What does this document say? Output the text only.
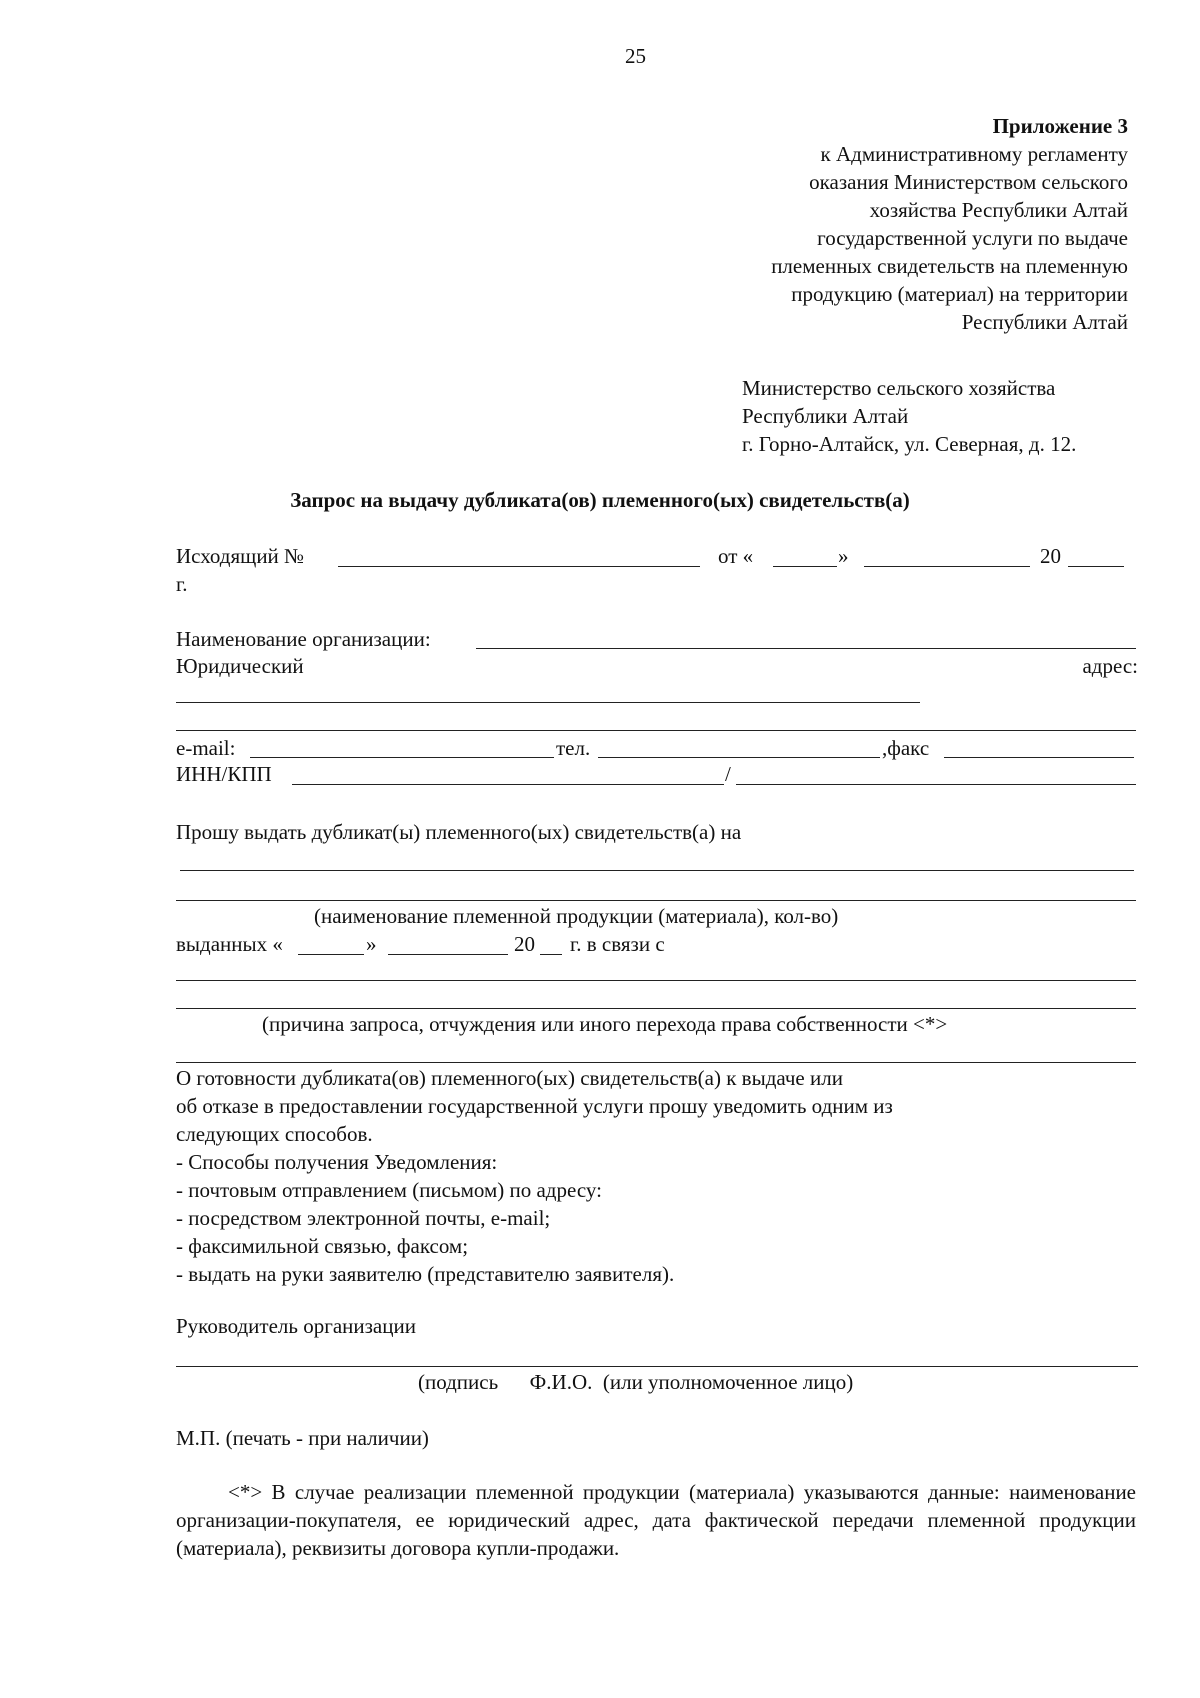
25
Приложение 3
к Административному регламенту
оказания Министерством сельского
хозяйства Республики Алтай
государственной услуги по выдаче
племенных свидетельств на племенную
продукцию (материал) на территории
Республики Алтай
Министерство сельского хозяйства
Республики Алтай
г. Горно-Алтайск, ул. Северная, д. 12.
Запрос на выдачу дубликата(ов) племенного(ых) свидетельств(а)
Исходящий №	от «	»	20
г.
Наименование организации:
Юридический	адрес:
e-mail:	тел.	,факс
ИНН/КПП	/
Прошу выдать дубликат(ы) племенного(ых) свидетельств(а) на
(наименование племенной продукции (материала), кол-во)
выданных «	»	20 г. в связи с
(причина запроса, отчуждения или иного перехода права собственности <*>
О готовности дубликата(ов) племенного(ых) свидетельств(а) к выдаче или
об отказе в предоставлении государственной услуги прошу уведомить одним из
следующих способов.
- Способы получения Уведомления:
- почтовым отправлением (письмом) по адресу:
- посредством электронной почты, e-mail;
- факсимильной связью, факсом;
- выдать на руки заявителю (представителю заявителя).
Руководитель организации
(подпись      Ф.И.О.  (или уполномоченное лицо)
М.П. (печать - при наличии)
<*> В случае реализации племенной продукции (материала) указываются данные: наименование организации-покупателя, ее юридический адрес, дата фактической передачи племенной продукции (материала), реквизиты договора купли-продажи.
